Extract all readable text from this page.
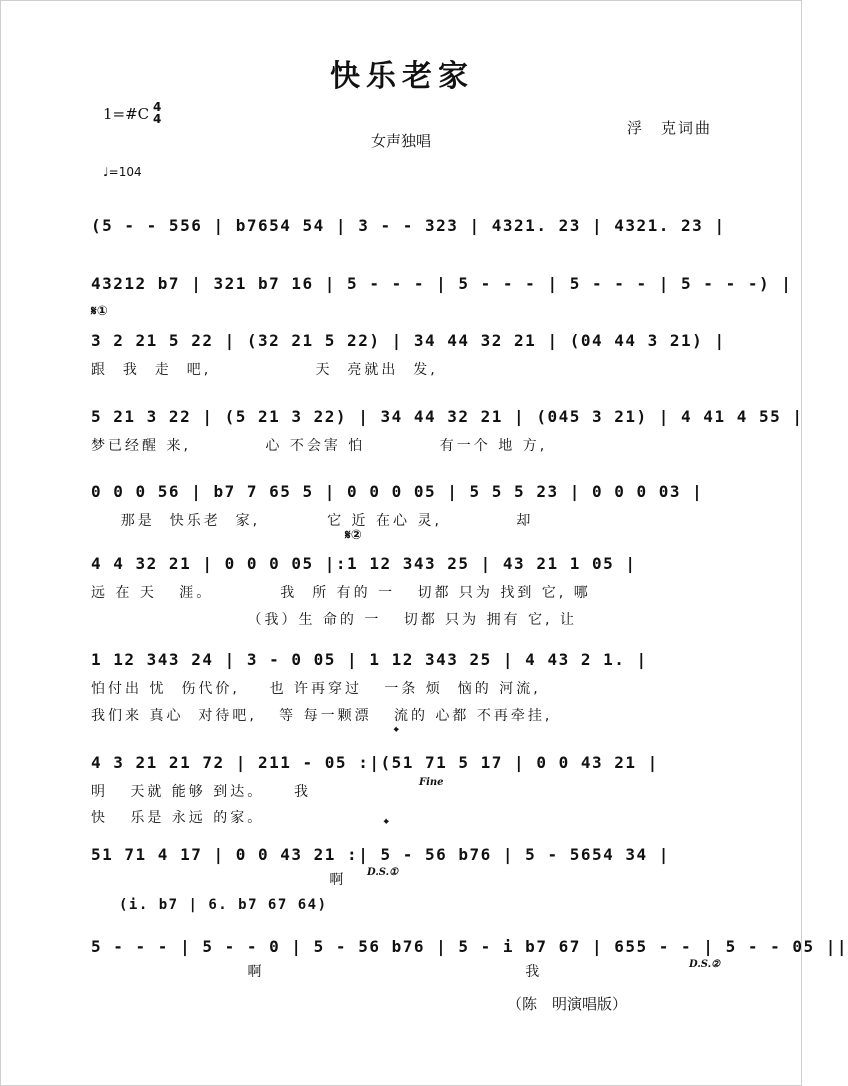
快乐老家
1=#C 4
4
女声独唱
浮　克词曲
♩=104
(5 - - 556 | b7654 54 | 3 - - 323 | 4321. 23 | 4321. 23 |
43212 b7 | 321 b7 16 | 5 - - - | 5 - - - | 5 - - - | 5 - - -) |
𝄋①
3 2 21 5 22 | (32 21 5 22) | 34 44 32 21 | (04 44 3 21) |
跟  我  走  吧,              天  亮就出  发,
5 21 3 22 | (5 21 3 22) | 34 44 32 21 | (045 3 21) | 4 41 4 55 |
梦已经醒 来,          心 不会害 怕          有一个 地 方,
0 0 0 56 | b7 7 65 5 | 0 0 0 05 | 5 5 5 23 | 0 0 0 03 |
那是  快乐老  家,         它 近 在心 灵,          却
𝄋②
4 4 32 21 | 0 0 0 05 |:1 12 343 25 | 43 21 1 05 |
远 在 天   涯。         我  所 有的 一   切都 只为 找到 它, 哪
（我）生 命的 一   切都 只为 拥有 它, 让
1 12 343 24 | 3 - 0 05 | 1 12 343 25 | 4 43 2 1. |
怕付出 忧  伤代价,    也 许再穿过   一条 烦  恼的 河流,
我们来 真心  对待吧,   等 每一颗漂   流的 心都 不再牵挂,
𝄌
4 3 21 21 72 | 211 - 05 :|(51 71 5 17 | 0 0 43 21 |
明   天就 能够 到达。    我
快   乐是 永远 的家。
Fine
𝄌
51 71 4 17 | 0 0 43 21 :| 5 - 56 b76 | 5 - 5654 34 |
啊	D.S.①
(i. b7 | 6. b7 67 64)
5 - - - | 5 - - 0 | 5 - 56 b76 | 5 - i b7 67 | 655 - - | 5 - - 05 ||
啊                                   我	D.S.②
（陈　明演唱版）
